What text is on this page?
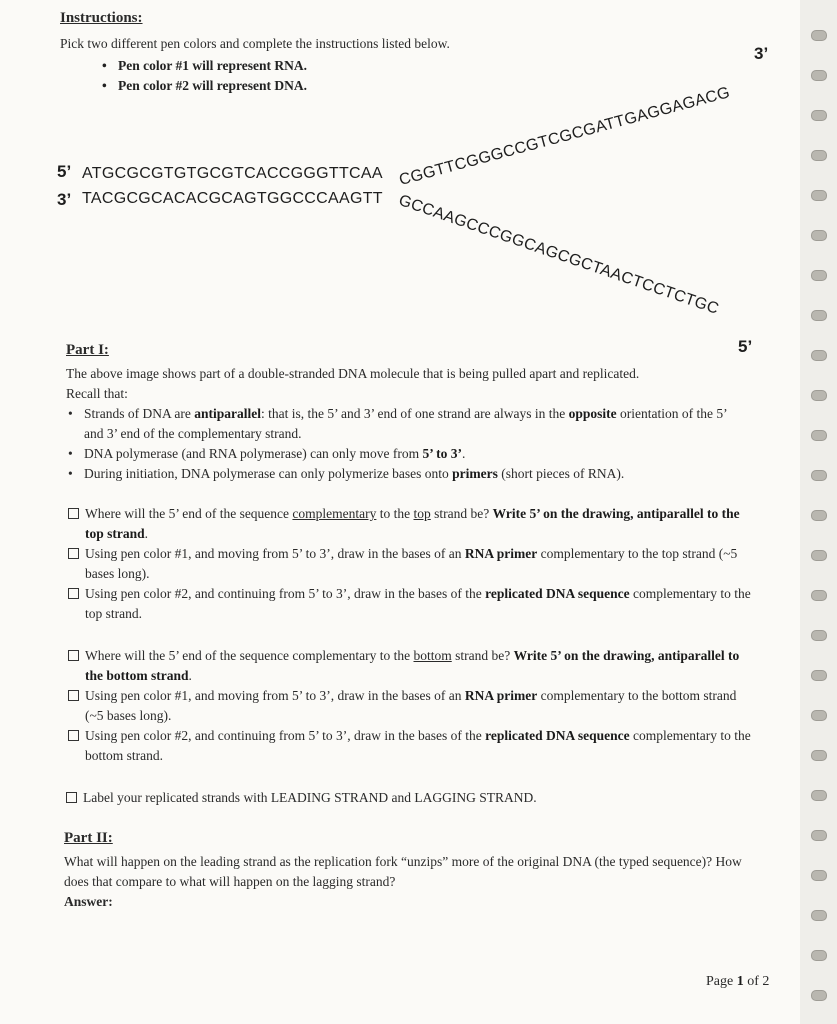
Instructions:
Pick two different pen colors and complete the instructions listed below.
• Pen color #1 will represent RNA.
• Pen color #2 will represent DNA.
5’ ATGCGCGTGTGCGTCACCGGGTTCAA CGGTTCGGGCCGTCGCGATTGAGGAGACG
3’
3’ TACGCGCACACGCAGTGGCCCAAGTT GCCAAGCCCGGCAGCGCTAACTCCTCTGC
5’
Part I:
The above image shows part of a double-stranded DNA molecule that is being pulled apart and replicated.
Recall that:
• Strands of DNA are antiparallel: that is, the 5’ and 3’ end of one strand are always in the opposite orientation of the 5’ and 3’ end of the complementary strand.
• DNA polymerase (and RNA polymerase) can only move from 5’ to 3’.
• During initiation, DNA polymerase can only polymerize bases onto primers (short pieces of RNA).
Where will the 5’ end of the sequence complementary to the top strand be? Write 5’ on the drawing, antiparallel to the top strand.
Using pen color #1, and moving from 5’ to 3’, draw in the bases of an RNA primer complementary to the top strand (~5 bases long).
Using pen color #2, and continuing from 5’ to 3’, draw in the bases of the replicated DNA sequence complementary to the top strand.
Where will the 5’ end of the sequence complementary to the bottom strand be? Write 5’ on the drawing, antiparallel to the bottom strand.
Using pen color #1, and moving from 5’ to 3’, draw in the bases of an RNA primer complementary to the bottom strand (~5 bases long).
Using pen color #2, and continuing from 5’ to 3’, draw in the bases of the replicated DNA sequence complementary to the bottom strand.
Label your replicated strands with LEADING STRAND and LAGGING STRAND.
Part II:
What will happen on the leading strand as the replication fork “unzips” more of the original DNA (the typed sequence)? How does that compare to what will happen on the lagging strand?
Answer:
Page 1 of 2
